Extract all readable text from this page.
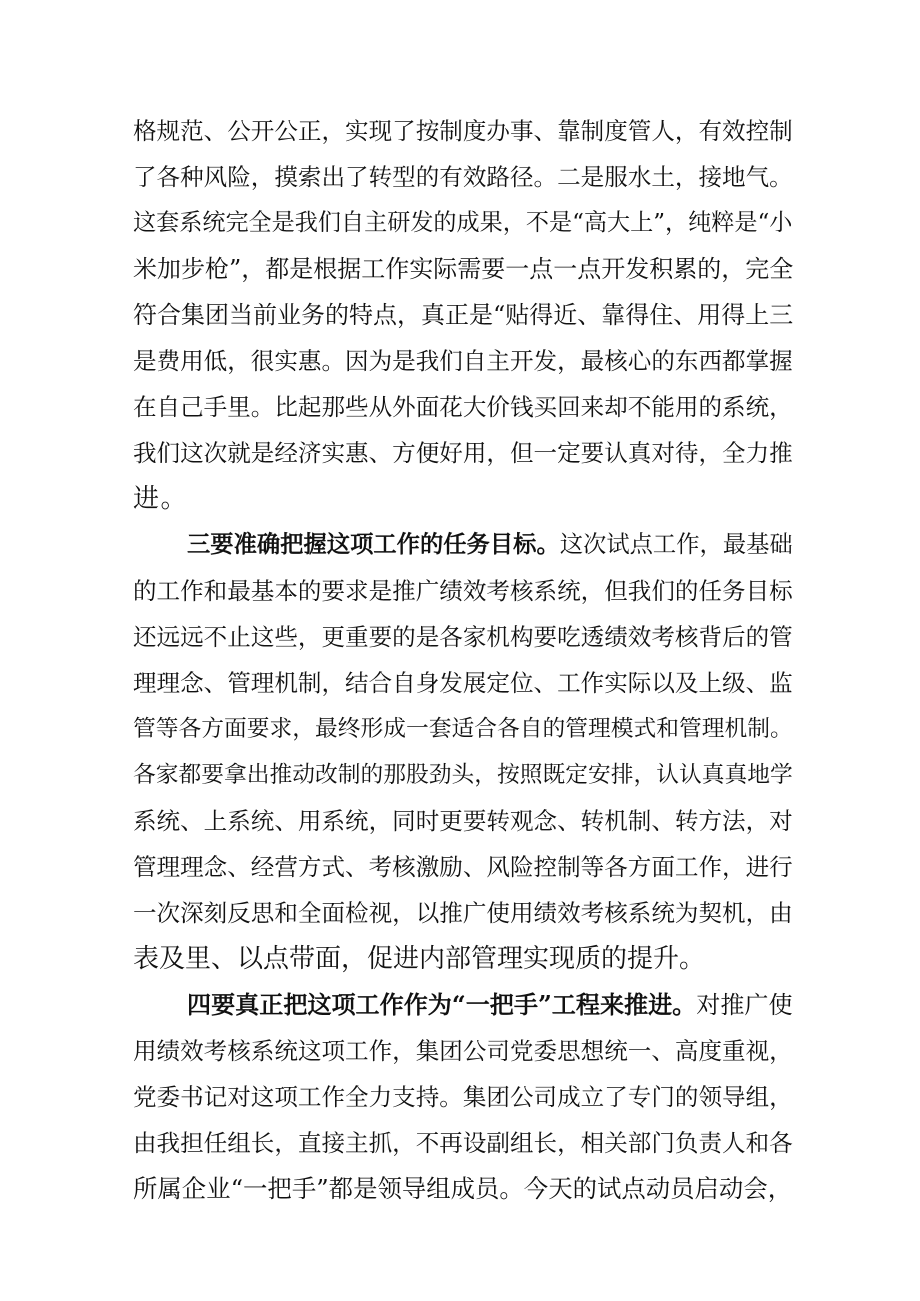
格规范、公开公正，实现了按制度办事、靠制度管人，有效控制
了各种风险，摸索出了转型的有效路径。二是服水土，接地气。
这套系统完全是我们自主研发的成果，不是“高大上”，纯粹是“小
米加步枪”，都是根据工作实际需要一点一点开发积累的，完全
符合集团当前业务的特点，真正是“贴得近、靠得住、用得上三
是费用低，很实惠。因为是我们自主开发，最核心的东西都掌握
在自己手里。比起那些从外面花大价钱买回来却不能用的系统，
我们这次就是经济实惠、方便好用，但一定要认真对待，全力推
进。
三要准确把握这项工作的任务目标。这次试点工作，最基础
的工作和最基本的要求是推广绩效考核系统，但我们的任务目标
还远远不止这些，更重要的是各家机构要吃透绩效考核背后的管
理理念、管理机制，结合自身发展定位、工作实际以及上级、监
管等各方面要求，最终形成一套适合各自的管理模式和管理机制。
各家都要拿出推动改制的那股劲头，按照既定安排，认认真真地学
系统、上系统、用系统，同时更要转观念、转机制、转方法，对
管理理念、经营方式、考核激励、风险控制等各方面工作，进行
一次深刻反思和全面检视，以推广使用绩效考核系统为契机，由
表及里、以点带面，促进内部管理实现质的提升。
四要真正把这项工作作为“一把手”工程来推进。对推广使
用绩效考核系统这项工作，集团公司党委思想统一、高度重视，
党委书记对这项工作全力支持。集团公司成立了专门的领导组，
由我担任组长，直接主抓，不再设副组长，相关部门负责人和各
所属企业“一把手”都是领导组成员。今天的试点动员启动会，
